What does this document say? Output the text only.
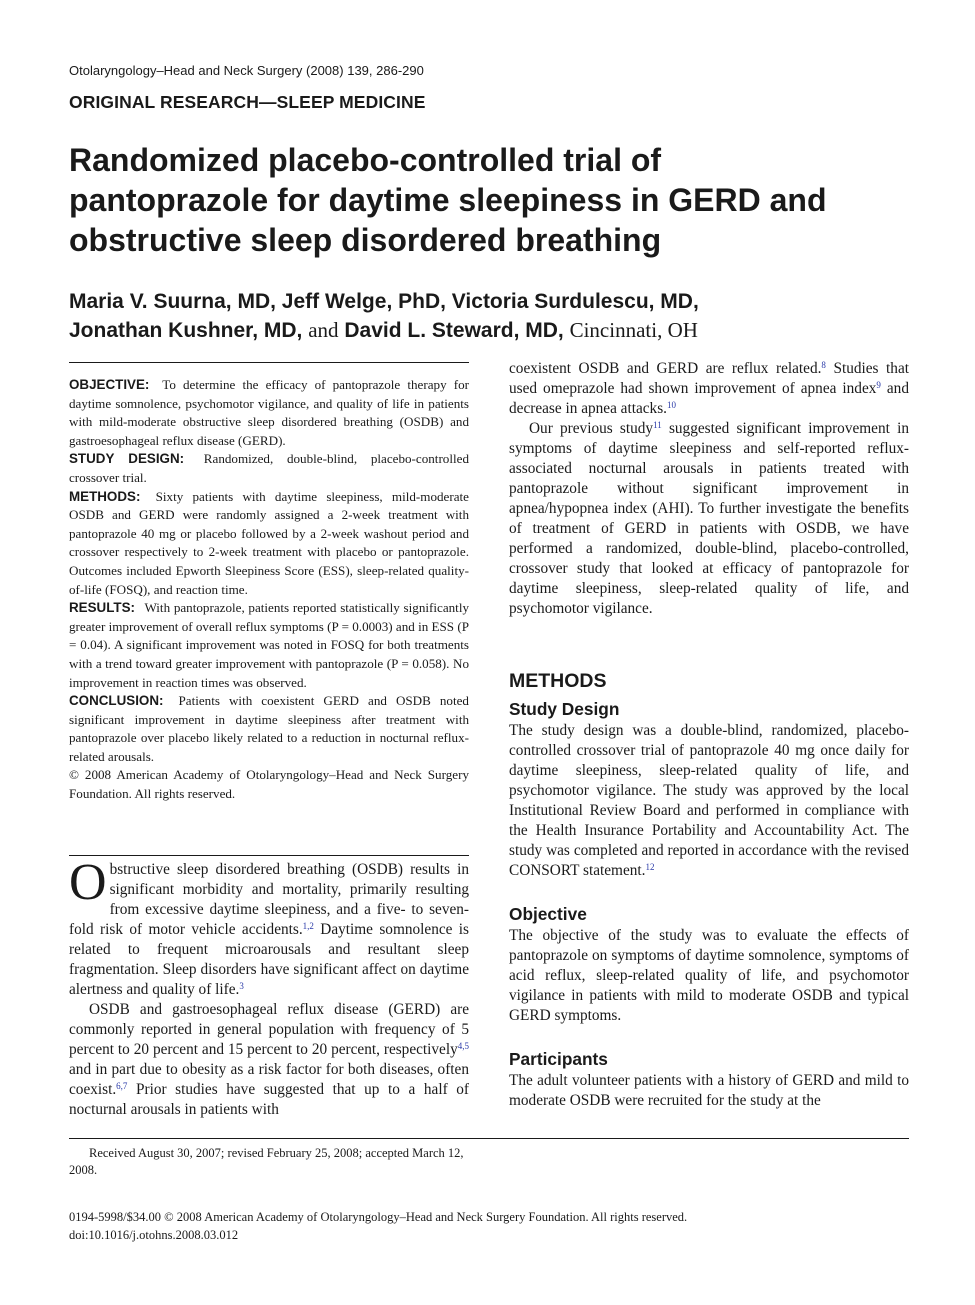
Otolaryngology–Head and Neck Surgery (2008) 139, 286-290
ORIGINAL RESEARCH—SLEEP MEDICINE
Randomized placebo-controlled trial of pantoprazole for daytime sleepiness in GERD and obstructive sleep disordered breathing
Maria V. Suurna, MD, Jeff Welge, PhD, Victoria Surdulescu, MD,
Jonathan Kushner, MD, and David L. Steward, MD, Cincinnati, OH

OBJECTIVE: To determine the efficacy of pantoprazole therapy for daytime somnolence, psychomotor vigilance, and quality of life in patients with mild-moderate obstructive sleep disordered breathing (OSDB) and gastroesophageal reflux disease (GERD).

STUDY DESIGN: Randomized, double-blind, placebo-controlled crossover trial.

METHODS: Sixty patients with daytime sleepiness, mild-moderate OSDB and GERD were randomly assigned a 2-week treatment with pantoprazole 40 mg or placebo followed by a 2-week washout period and crossover respectively to 2-week treatment with placebo or pantoprazole. Outcomes included Epworth Sleepiness Score (ESS), sleep-related quality-of-life (FOSQ), and reaction time.

RESULTS: With pantoprazole, patients reported statistically significantly greater improvement of overall reflux symptoms (P = 0.0003) and in ESS (P = 0.04). A significant improvement was noted in FOSQ for both treatments with a trend toward greater improvement with pantoprazole (P = 0.058). No improvement in reaction times was observed.

CONCLUSION: Patients with coexistent GERD and OSDB noted significant improvement in daytime sleepiness after treatment with pantoprazole over placebo likely related to a reduction in nocturnal reflux-related arousals.

© 2008 American Academy of Otolaryngology–Head and Neck Surgery Foundation. All rights reserved.

Obstructive sleep disordered breathing (OSDB) results in significant morbidity and mortality, primarily resulting from excessive daytime sleepiness, and a five- to seven-fold risk of motor vehicle accidents.$^{1,2}$ Daytime somnolence is related to frequent microarousals and resultant sleep fragmentation. Sleep disorders have significant affect on daytime alertness and quality of life.$^3$

OSDB and gastroesophageal reflux disease (GERD) are commonly reported in general population with frequency of 5 percent to 20 percent and 15 percent to 20 percent, respectively$^{4,5}$ and in part due to obesity as a risk factor for both diseases, often coexist.$^{6,7}$ Prior studies have suggested that up to a half of nocturnal arousals in patients with

coexistent OSDB and GERD are reflux related.$^8$ Studies that used omeprazole had shown improvement of apnea index$^9$ and decrease in apnea attacks.$^{10}$

Our previous study$^{11}$ suggested significant improvement in symptoms of daytime sleepiness and self-reported reflux-associated nocturnal arousals in patients treated with pantoprazole without significant improvement in apnea/hypopnea index (AHI). To further investigate the benefits of treatment of GERD in patients with OSDB, we have performed a randomized, double-blind, placebo-controlled, crossover study that looked at efficacy of pantoprazole for daytime sleepiness, sleep-related quality of life, and psychomotor vigilance.

METHODS
Study Design

The study design was a double-blind, randomized, placebo-controlled crossover trial of pantoprazole 40 mg once daily for daytime sleepiness, sleep-related quality of life, and psychomotor vigilance. The study was approved by the local Institutional Review Board and performed in compliance with the Health Insurance Portability and Accountability Act. The study was completed and reported in accordance with the revised CONSORT statement.$^{12}$

Objective

The objective of the study was to evaluate the effects of pantoprazole on symptoms of daytime somnolence, symptoms of acid reflux, sleep-related quality of life, and psychomotor vigilance in patients with mild to moderate OSDB and typical GERD symptoms.

Participants

The adult volunteer patients with a history of GERD and mild to moderate OSDB were recruited for the study at the

Received August 30, 2007; revised February 25, 2008; accepted March 12, 2008.

0194-5998/$34.00 © 2008 American Academy of Otolaryngology–Head and Neck Surgery Foundation. All rights reserved.
doi:10.1016/j.otohns.2008.03.012
